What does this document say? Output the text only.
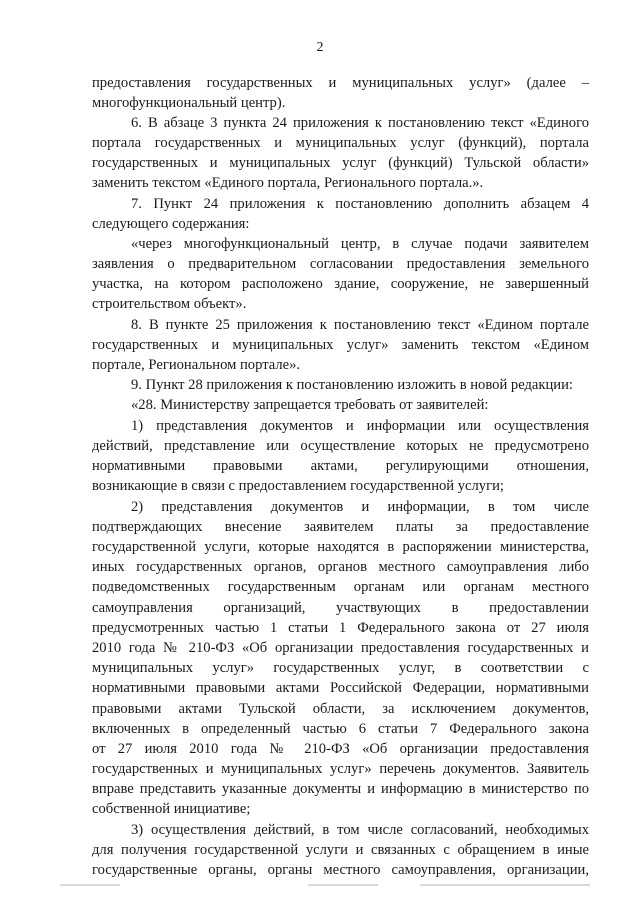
2
предоставления государственных и муниципальных услуг» (далее –
многофункциональный центр).
6. В абзаце 3 пункта 24 приложения к постановлению текст «Единого
портала государственных и муниципальных услуг (функций), портала
государственных и муниципальных услуг (функций) Тульской области»
заменить текстом «Единого портала, Регионального портала.».
7. Пункт 24 приложения к постановлению дополнить абзацем 4
следующего содержания:
«через многофункциональный центр, в случае подачи заявителем
заявления о предварительном согласовании предоставления земельного
участка, на котором расположено здание, сооружение, не завершенный
строительством объект».
8. В пункте 25 приложения к постановлению текст «Едином портале
государственных и муниципальных услуг» заменить текстом «Едином
портале, Региональном портале».
9. Пункт 28 приложения к постановлению изложить в новой редакции:
«28. Министерству запрещается требовать от заявителей:
1) представления документов и информации или осуществления
действий, представление или осуществление которых не предусмотрено
нормативными правовыми актами, регулирующими отношения,
возникающие в связи с предоставлением государственной услуги;
2) представления документов и информации, в том числе
подтверждающих внесение заявителем платы за предоставление
государственной услуги, которые находятся в распоряжении министерства,
иных государственных органов, органов местного самоуправления либо
подведомственных государственным органам или органам местного
самоуправления организаций, участвующих в предоставлении
предусмотренных частью 1 статьи 1 Федерального закона от 27 июля
2010 года № 210-ФЗ «Об организации предоставления государственных и
муниципальных услуг» государственных услуг, в соответствии с
нормативными правовыми актами Российской Федерации, нормативными
правовыми актами Тульской области, за исключением документов,
включенных в определенный частью 6 статьи 7 Федерального закона
от 27 июля 2010 года № 210-ФЗ «Об организации предоставления
государственных и муниципальных услуг» перечень документов. Заявитель
вправе представить указанные документы и информацию в министерство по
собственной инициативе;
3) осуществления действий, в том числе согласований, необходимых
для получения государственной услуги и связанных с обращением в иные
государственные органы, органы местного самоуправления, организации,
